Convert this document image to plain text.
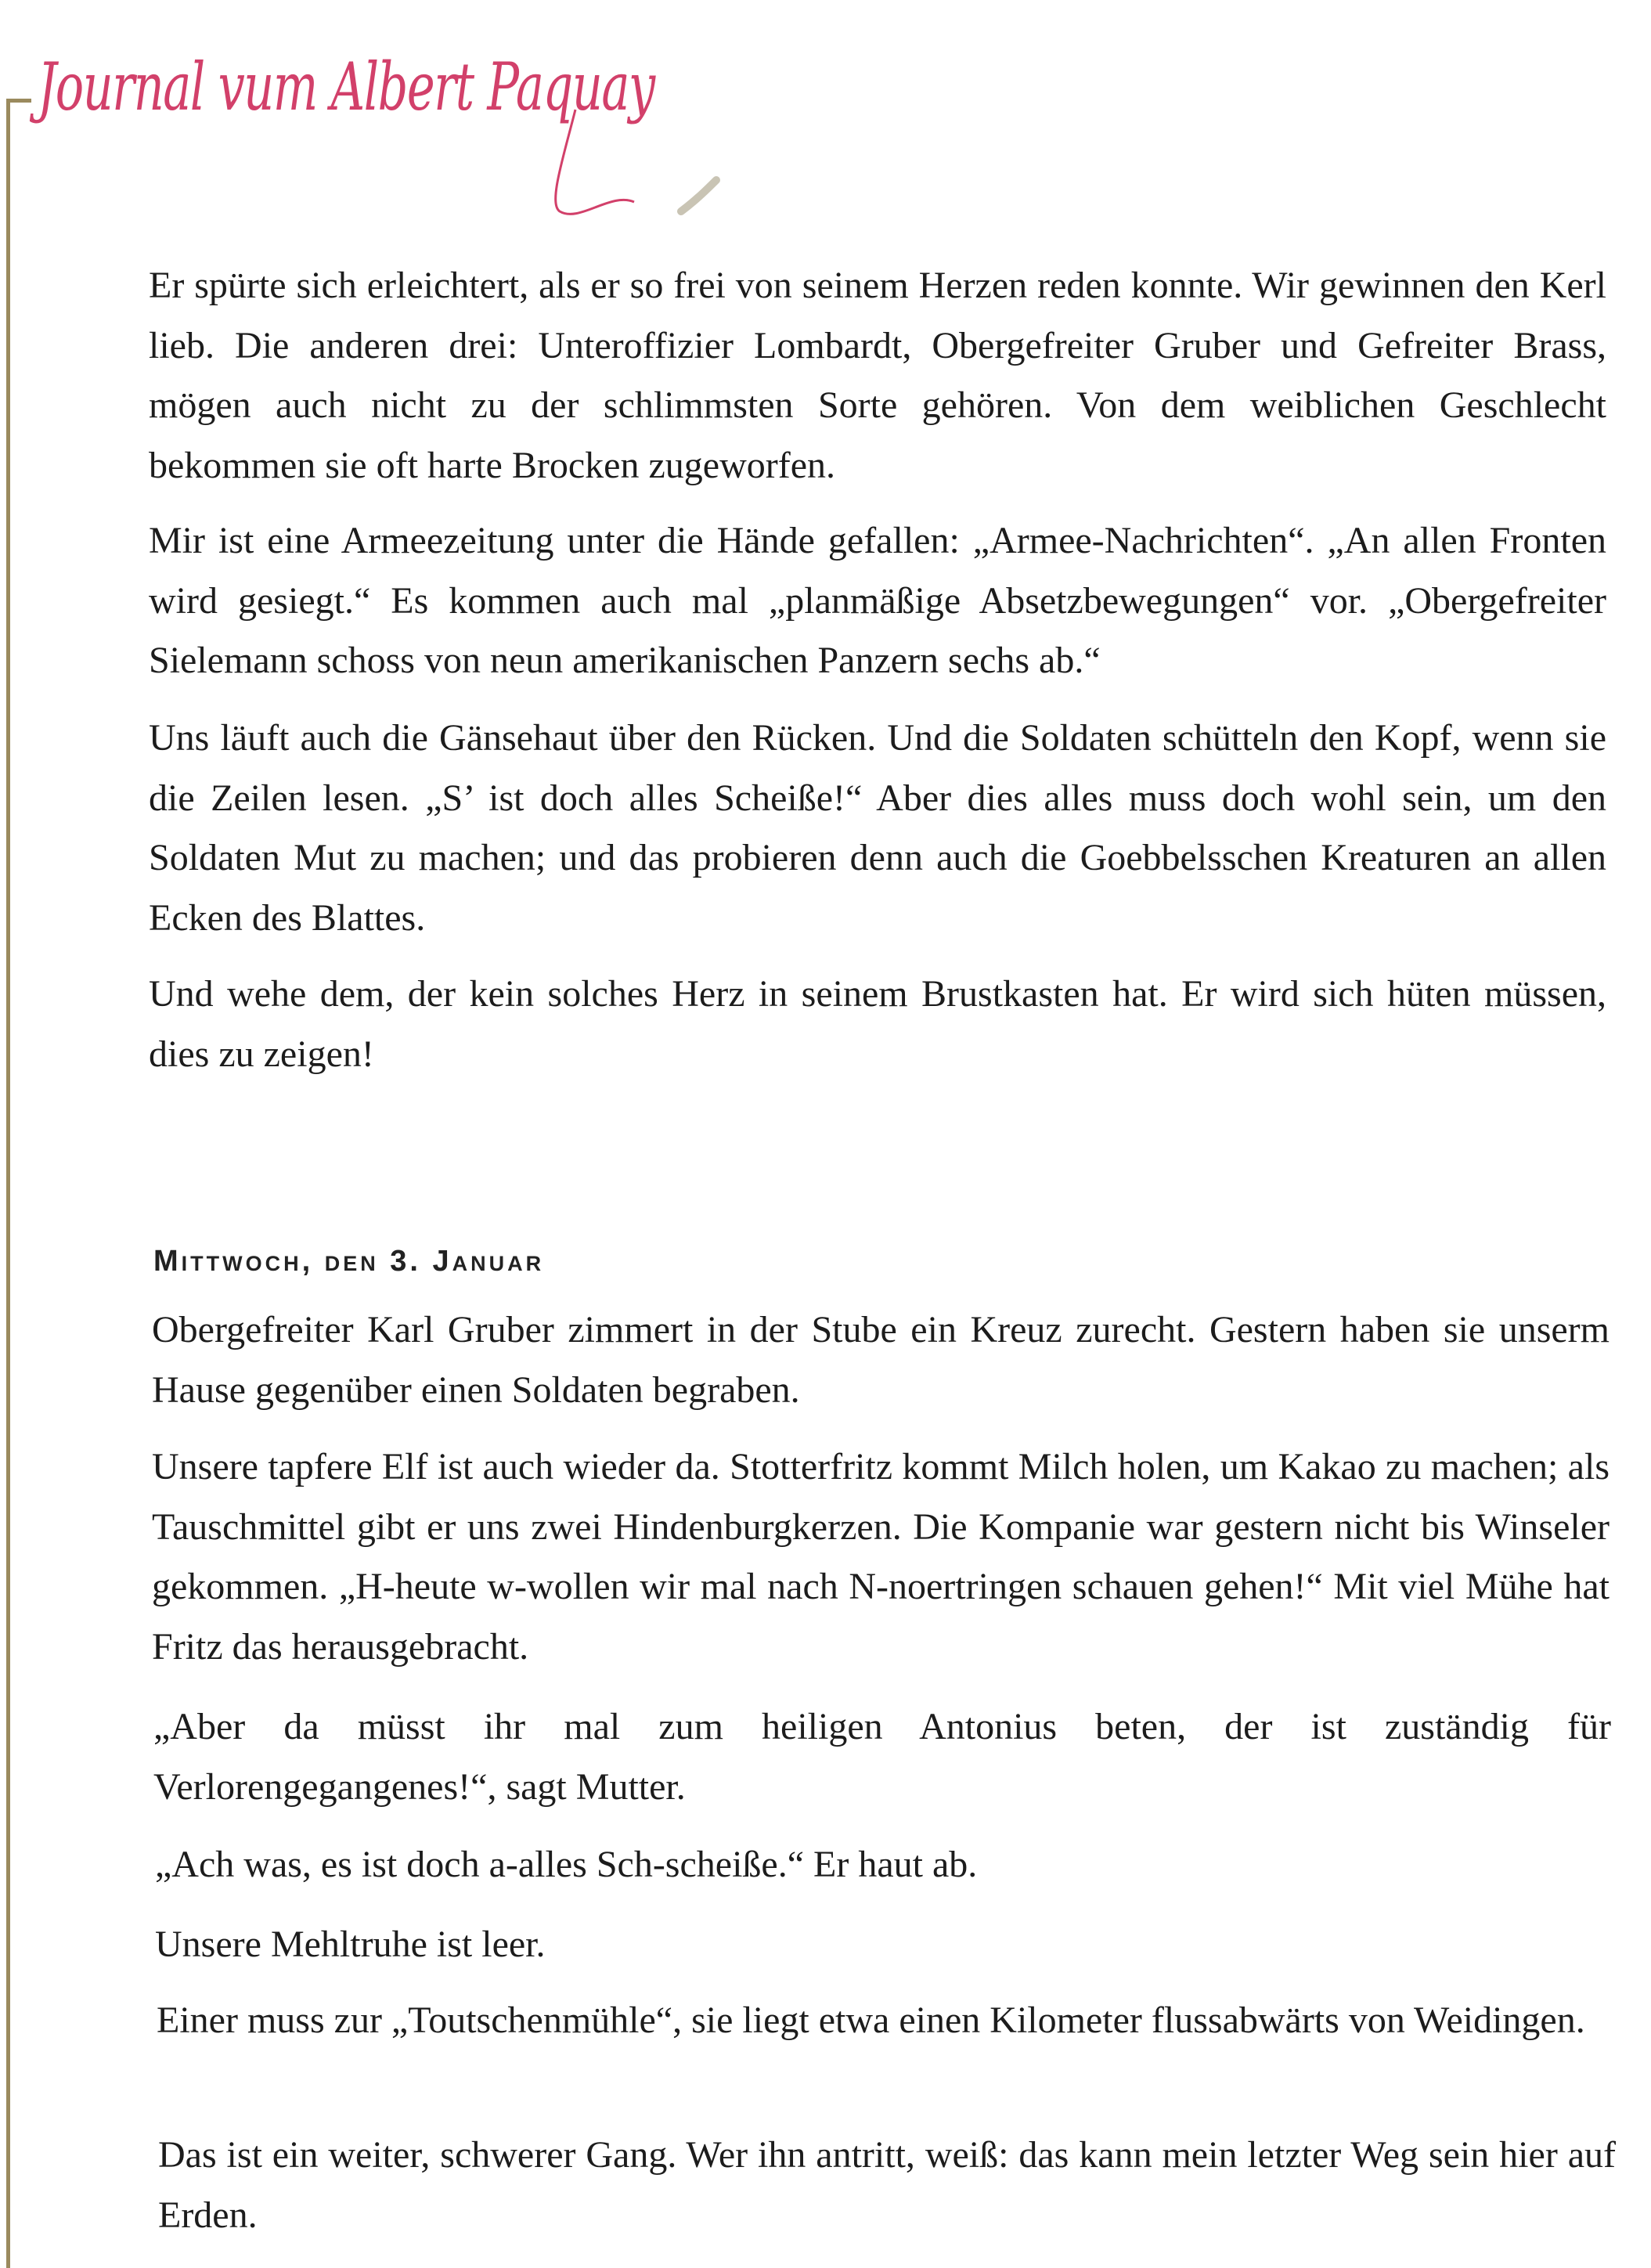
Journal vum Albert Paquay

Er spürte sich erleichtert, als er so frei von seinem Herzen reden konnte. Wir gewinnen den Kerl lieb. Die anderen drei: Unteroffizier Lombardt, Obergefreiter Gruber und Gefreiter Brass, mögen auch nicht zu der schlimmsten Sorte gehören. Von dem weiblichen Geschlecht bekommen sie oft harte Brocken zugeworfen.

Mir ist eine Armeezeitung unter die Hände gefallen: „Armee-Nachrichten“. „An allen Fronten wird gesiegt.“ Es kommen auch mal „planmäßige Absetzbewegungen“ vor. „Obergefreiter Sielemann schoss von neun amerikanischen Panzern sechs ab.“

Uns läuft auch die Gänsehaut über den Rücken. Und die Soldaten schütteln den Kopf, wenn sie die Zeilen lesen. „S’ ist doch alles Scheiße!“ Aber dies alles muss doch wohl sein, um den Soldaten Mut zu machen; und das probieren denn auch die Goebbelsschen Kreaturen an allen Ecken des Blattes.

Und wehe dem, der kein solches Herz in seinem Brustkasten hat. Er wird sich hüten müssen, dies zu zeigen!

Mittwoch, den 3. Januar

Obergefreiter Karl Gruber zimmert in der Stube ein Kreuz zurecht. Gestern haben sie unserm Hause gegenüber einen Soldaten begraben.

Unsere tapfere Elf ist auch wieder da. Stotterfritz kommt Milch holen, um Kakao zu machen; als Tauschmittel gibt er uns zwei Hindenburgkerzen. Die Kompanie war gestern nicht bis Winseler gekommen. „H-heute w-wollen wir mal nach N-noertringen schauen gehen!“ Mit viel Mühe hat Fritz das herausgebracht.

„Aber da müsst ihr mal zum heiligen Antonius beten, der ist zuständig für Verlorengegangenes!“, sagt Mutter.

„Ach was, es ist doch a-alles Sch-scheiße.“ Er haut ab.

Unsere Mehltruhe ist leer.

Einer muss zur „Toutschenmühle“, sie liegt etwa einen Kilometer flussabwärts von Weidingen.

Das ist ein weiter, schwerer Gang. Wer ihn antritt, weiß: das kann mein letzter Weg sein hier auf Erden.
